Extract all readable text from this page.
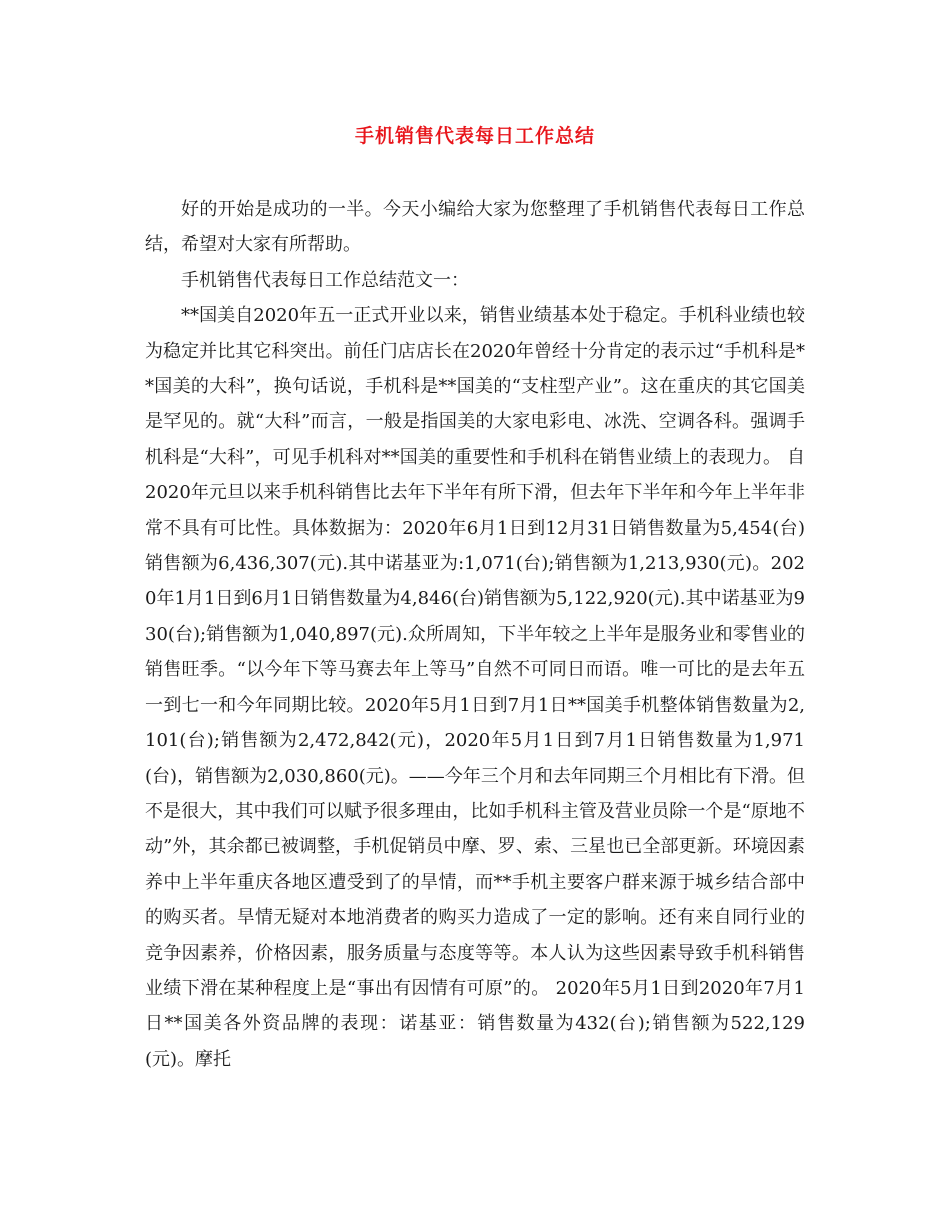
手机销售代表每日工作总结

好的开始是成功的一半。今天小编给大家为您整理了手机销售代表每日工作总结，希望对大家有所帮助。

手机销售代表每日工作总结范文一：

**国美自2020年五一正式开业以来，销售业绩基本处于稳定。手机科业绩也较为稳定并比其它科突出。前任门店店长在2020年曾经十分肯定的表示过“手机科是**国美的大科”，换句话说，手机科是**国美的“支柱型产业”。这在重庆的其它国美是罕见的。就“大科”而言，一般是指国美的大家电彩电、冰洗、空调各科。强调手机科是“大科”，可见手机科对**国美的重要性和手机科在销售业绩上的表现力。 自2020年元旦以来手机科销售比去年下半年有所下滑，但去年下半年和今年上半年非常不具有可比性。具体数据为：2020年6月1日到12月31日销售数量为5,454(台)销售额为6,436,307(元).其中诺基亚为:1,071(台);销售额为1,213,930(元)。2020年1月1日到6月1日销售数量为4,846(台)销售额为5,122,920(元).其中诺基亚为930(台);销售额为1,040,897(元).众所周知，下半年较之上半年是服务业和零售业的销售旺季。“以今年下等马赛去年上等马”自然不可同日而语。唯一可比的是去年五一到七一和今年同期比较。2020年5月1日到7月1日**国美手机整体销售数量为2,101(台);销售额为2,472,842(元)，2020年5月1日到7月1日销售数量为1,971(台)，销售额为2,030,860(元)。——今年三个月和去年同期三个月相比有下滑。但不是很大，其中我们可以赋予很多理由，比如手机科主管及营业员除一个是“原地不动”外，其余都已被调整，手机促销员中摩、罗、索、三星也已全部更新。环境因素养中上半年重庆各地区遭受到了的旱情，而**手机主要客户群来源于城乡结合部中的购买者。旱情无疑对本地消费者的购买力造成了一定的影响。还有来自同行业的竞争因素养，价格因素，服务质量与态度等等。本人认为这些因素导致手机科销售业绩下滑在某种程度上是“事出有因情有可原”的。 2020年5月1日到2020年7月1日**国美各外资品牌的表现：诺基亚：销售数量为432(台);销售额为522,129(元)。摩托
